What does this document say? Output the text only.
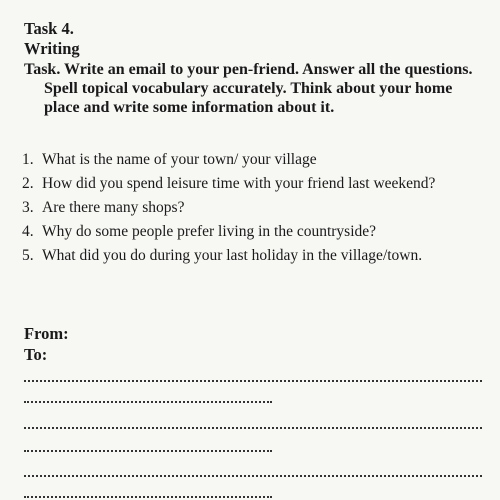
Task 4.
Writing

Task. Write an email to your pen-friend. Answer all the questions. Spell topical vocabulary accurately. Think about your home place and write some information about it.

1. What is the name of your town/ your village
2. How did you spend leisure time with your friend last weekend?
3. Are there many shops?
4. Why do some people prefer living in the countryside?
5. What did you do during your last holiday in the village/town.
From:
To:
